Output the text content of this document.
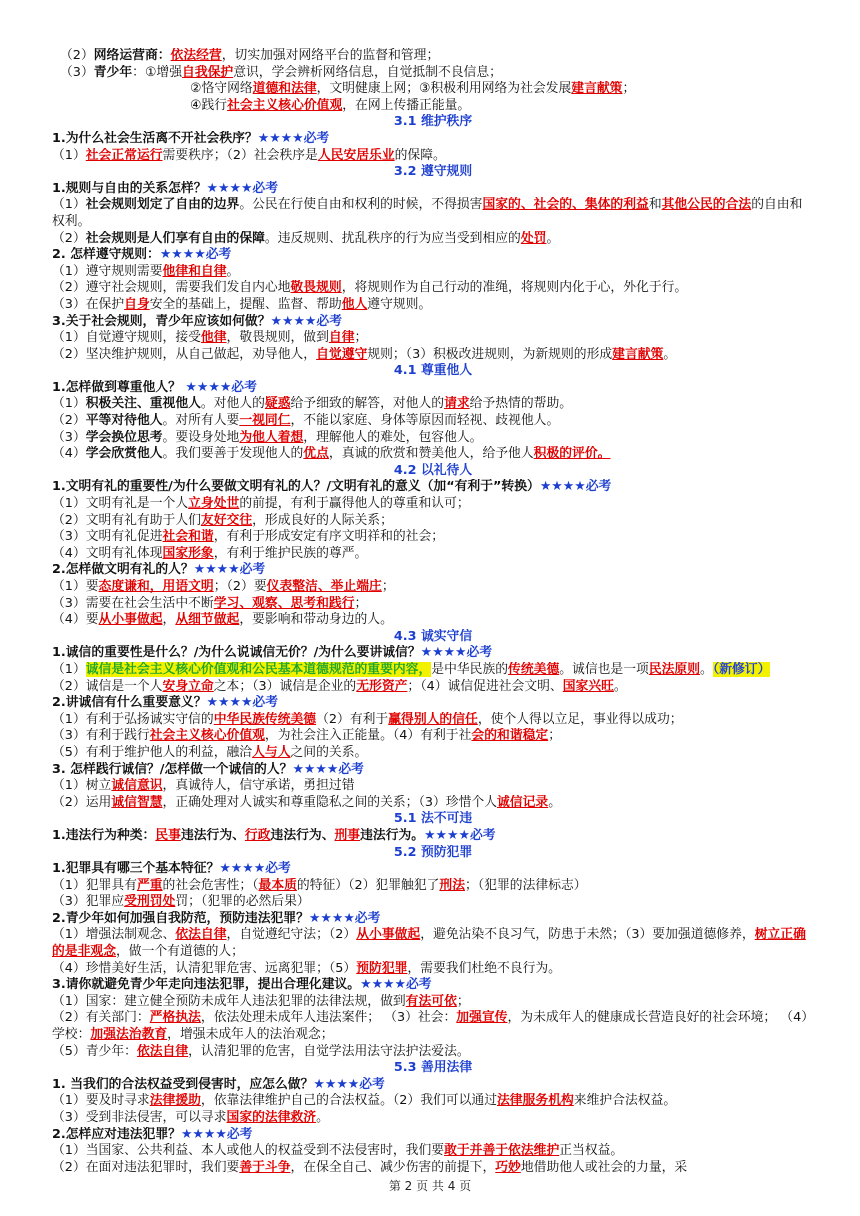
（2）网络运营商：依法经营，切实加强对网络平台的监督和管理；
（3）青少年：①增强自我保护意识，学会辨析网络信息，自觉抵制不良信息；
②恪守网络道德和法律，文明健康上网；③积极利用网络为社会发展建言献策；
④践行社会主义核心价值观，在网上传播正能量。
3.1 维护秩序
1.为什么社会生活离不开社会秩序？★★★★必考
（1）社会正常运行需要秩序；（2）社会秩序是人民安居乐业的保障。
3.2 遵守规则
1.规则与自由的关系怎样？★★★★必考
（1）社会规则划定了自由的边界。公民在行使自由和权利的时候，不得损害国家的、社会的、集体的利益和其他公民的合法的自由和权利。
（2）社会规则是人们享有自由的保障。违反规则、扰乱秩序的行为应当受到相应的处罚。
2. 怎样遵守规则：★★★★必考
（1）遵守规则需要他律和自律。
（2）遵守社会规则，需要我们发自内心地敬畏规则，将规则作为自己行动的准绳，将规则内化于心，外化于行。
（3）在保护自身安全的基础上，提醒、监督、帮助他人遵守规则。
3.关于社会规则，青少年应该如何做？★★★★必考
（1）自觉遵守规则，接受他律，敬畏规则，做到自律；
（2）坚决维护规则，从自己做起，劝导他人，自觉遵守规则；（3）积极改进规则，为新规则的形成建言献策。
4.1 尊重他人
1.怎样做到尊重他人？ ★★★★必考
（1）积极关注、重视他人。对他人的疑惑给予细致的解答，对他人的请求给予热情的帮助。
（2）平等对待他人。对所有人要一视同仁，不能以家庭、身体等原因而轻视、歧视他人。
（3）学会换位思考。要设身处地为他人着想，理解他人的难处，包容他人。
（4）学会欣赏他人。我们要善于发现他人的优点，真诚的欣赏和赞美他人，给予他人积极的评价。
4.2 以礼待人
1.文明有礼的重要性/为什么要做文明有礼的人？/文明有礼的意义（加“有利于”转换）★★★★必考
（1）文明有礼是一个人立身处世的前提，有利于赢得他人的尊重和认可；
（2）文明有礼有助于人们友好交往，形成良好的人际关系；
（3）文明有礼促进社会和谐，有利于形成安定有序文明祥和的社会；
（4）文明有礼体现国家形象，有利于维护民族的尊严。
2.怎样做文明有礼的人？★★★★必考
（1）要态度谦和，用语文明；（2）要仪表整洁、举止端庄；
（3）需要在社会生活中不断学习、观察、思考和践行；
（4）要从小事做起，从细节做起，要影响和带动身边的人。
4.3 诚实守信
1.诚信的重要性是什么？/为什么说诚信无价？/为什么要讲诚信？★★★★必考
（1）诚信是社会主义核心价值观和公民基本道德规范的重要内容，是中华民族的传统美德。诚信也是一项民法原则。（新修订）
（2）诚信是一个人安身立命之本；（3）诚信是企业的无形资产；（4）诚信促进社会文明、国家兴旺。
2.讲诚信有什么重要意义？★★★★必考
（1）有利于弘扬诚实守信的中华民族传统美德（2）有利于赢得别人的信任，使个人得以立足，事业得以成功；
（3）有利于践行社会主义核心价值观，为社会注入正能量。（4）有利于社会的和谐稳定；
（5）有利于维护他人的利益，融洽人与人之间的关系。
3. 怎样践行诚信？/怎样做一个诚信的人？★★★★必考
（1）树立诚信意识，真诚待人，信守承诺，勇担过错
（2）运用诚信智慧，正确处理对人诚实和尊重隐私之间的关系；（3）珍惜个人诚信记录。
5.1 法不可违
1.违法行为种类：民事违法行为、行政违法行为、刑事违法行为。★★★★必考
5.2 预防犯罪
1.犯罪具有哪三个基本特征？★★★★必考
（1）犯罪具有严重的社会危害性；（最本质的特征）（2）犯罪触犯了刑法；（犯罪的法律标志）
（3）犯罪应受刑罚处罚；（犯罪的必然后果）
2.青少年如何加强自我防范，预防违法犯罪？★★★★必考
（1）增强法制观念、依法自律，自觉遵纪守法；（2）从小事做起，避免沾染不良习气，防患于未然；（3）要加强道德修养，树立正确的是非观念，做一个有道德的人；
（4）珍惜美好生活，认清犯罪危害、远离犯罪；（5）预防犯罪，需要我们杜绝不良行为。
3.请你就避免青少年走向违法犯罪，提出合理化建议。★★★★必考
（1）国家：建立健全预防未成年人违法犯罪的法律法规，做到有法可依；
（2）有关部门：严格执法，依法处理未成年人违法案件； （3）社会：加强宣传，为未成年人的健康成长营造良好的社会环境； （4）学校：加强法治教育，增强未成年人的法治观念；
（5）青少年：依法自律，认清犯罪的危害，自觉学法用法守法护法爱法。
5.3 善用法律
1. 当我们的合法权益受到侵害时，应怎么做？★★★★必考
（1）要及时寻求法律援助，依靠法律维护自己的合法权益。（2）我们可以通过法律服务机构来维护合法权益。
（3）受到非法侵害，可以寻求国家的法律救济。
2.怎样应对违法犯罪？★★★★必考
（1）当国家、公共利益、本人或他人的权益受到不法侵害时，我们要敢于并善于依法维护正当权益。
（2）在面对违法犯罪时，我们要善于斗争，在保全自己、减少伤害的前提下，巧妙地借助他人或社会的力量，采
第 2 页 共 4 页
